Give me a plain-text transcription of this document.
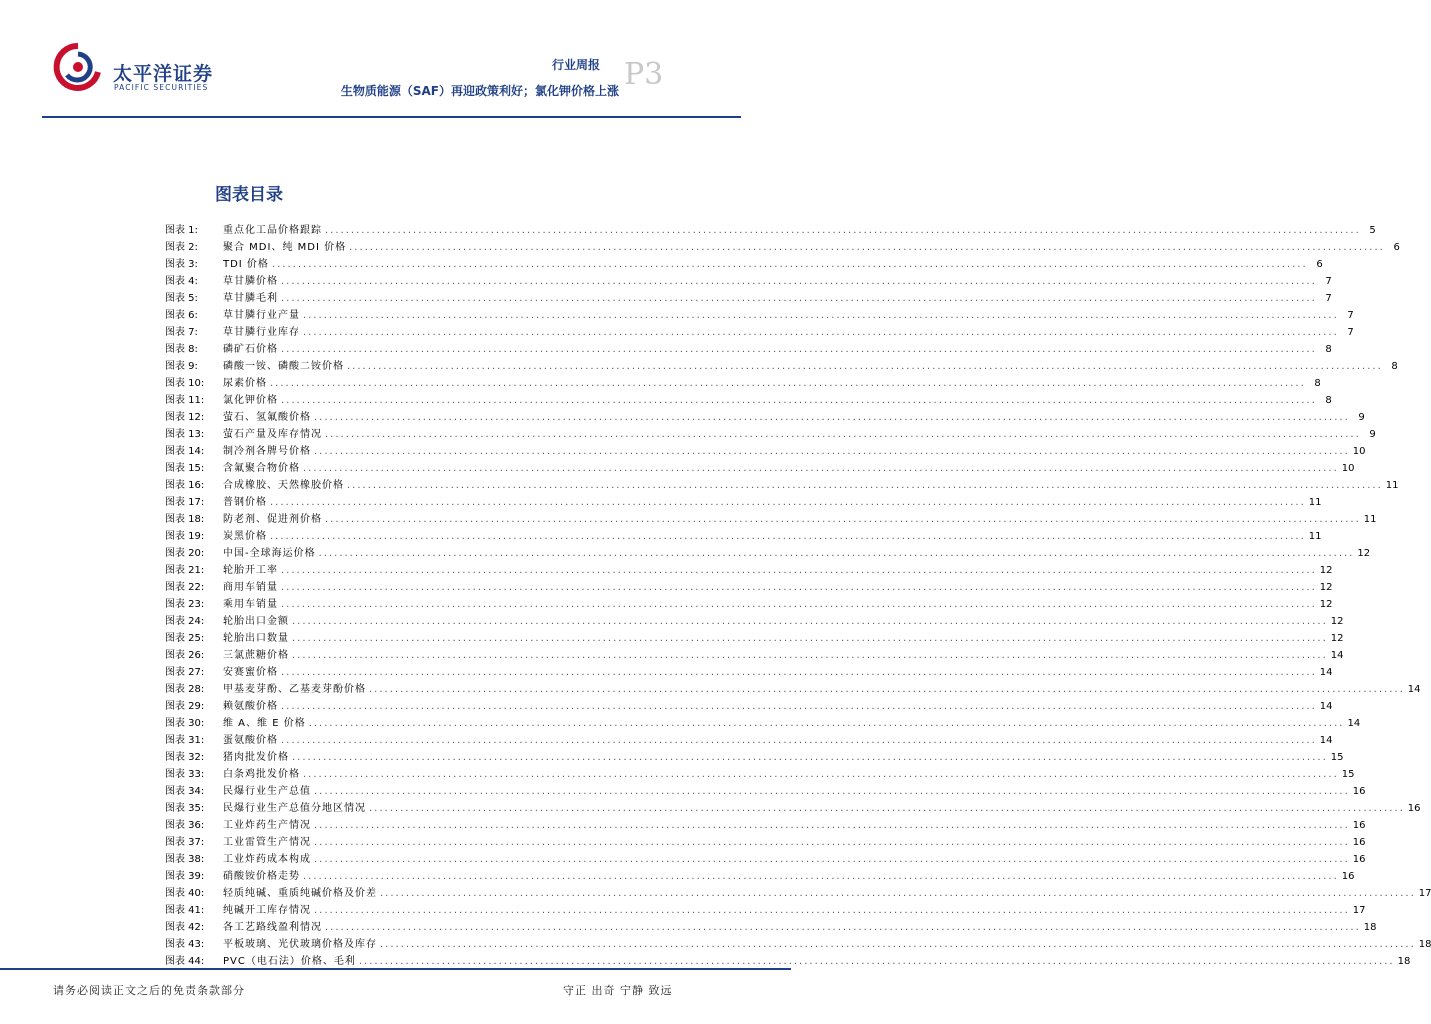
太平洋证券
PACIFIC SECURITIES
行业周报 P3
生物质能源（SAF）再迎政策利好；氯化钾价格上涨
图表目录
图表 1:	重点化工品价格跟踪 ........................................................................................................................................................................................................ 5
图表 2:	聚合 MDI、纯 MDI 价格 ........................................................................................................................................................................................................ 6
图表 3:	TDI 价格 ........................................................................................................................................................................................................ 6
图表 4:	草甘膦价格 ........................................................................................................................................................................................................ 7
图表 5:	草甘膦毛利 ........................................................................................................................................................................................................ 7
图表 6:	草甘膦行业产量 ........................................................................................................................................................................................................ 7
图表 7:	草甘膦行业库存 ........................................................................................................................................................................................................ 7
图表 8:	磷矿石价格 ........................................................................................................................................................................................................ 8
图表 9:	磷酸一铵、磷酸二铵价格 ........................................................................................................................................................................................................ 8
图表 10:	尿素价格 ........................................................................................................................................................................................................ 8
图表 11:	氯化钾价格 ........................................................................................................................................................................................................ 8
图表 12:	萤石、氢氟酸价格 ........................................................................................................................................................................................................ 9
图表 13:	萤石产量及库存情况 ........................................................................................................................................................................................................ 9
图表 14:	制冷剂各牌号价格 ........................................................................................................................................................................................................ 10
图表 15:	含氟聚合物价格 ........................................................................................................................................................................................................ 10
图表 16:	合成橡胶、天然橡胶价格 ........................................................................................................................................................................................................ 11
图表 17:	普钢价格 ........................................................................................................................................................................................................ 11
图表 18:	防老剂、促进剂价格 ........................................................................................................................................................................................................ 11
图表 19:	炭黑价格 ........................................................................................................................................................................................................ 11
图表 20:	中国-全球海运价格 ........................................................................................................................................................................................................ 12
图表 21:	轮胎开工率 ........................................................................................................................................................................................................ 12
图表 22:	商用车销量 ........................................................................................................................................................................................................ 12
图表 23:	乘用车销量 ........................................................................................................................................................................................................ 12
图表 24:	轮胎出口金额 ........................................................................................................................................................................................................ 12
图表 25:	轮胎出口数量 ........................................................................................................................................................................................................ 12
图表 26:	三氯蔗糖价格 ........................................................................................................................................................................................................ 14
图表 27:	安赛蜜价格 ........................................................................................................................................................................................................ 14
图表 28:	甲基麦芽酚、乙基麦芽酚价格 ........................................................................................................................................................................................................ 14
图表 29:	赖氨酸价格 ........................................................................................................................................................................................................ 14
图表 30:	维 A、维 E 价格 ........................................................................................................................................................................................................ 14
图表 31:	蛋氨酸价格 ........................................................................................................................................................................................................ 14
图表 32:	猪肉批发价格 ........................................................................................................................................................................................................ 15
图表 33:	白条鸡批发价格 ........................................................................................................................................................................................................ 15
图表 34:	民爆行业生产总值 ........................................................................................................................................................................................................ 16
图表 35:	民爆行业生产总值分地区情况 ........................................................................................................................................................................................................ 16
图表 36:	工业炸药生产情况 ........................................................................................................................................................................................................ 16
图表 37:	工业雷管生产情况 ........................................................................................................................................................................................................ 16
图表 38:	工业炸药成本构成 ........................................................................................................................................................................................................ 16
图表 39:	硝酸铵价格走势 ........................................................................................................................................................................................................ 16
图表 40:	轻质纯碱、重质纯碱价格及价差 ........................................................................................................................................................................................................ 17
图表 41:	纯碱开工库存情况 ........................................................................................................................................................................................................ 17
图表 42:	各工艺路线盈利情况 ........................................................................................................................................................................................................ 18
图表 43:	平板玻璃、光伏玻璃价格及库存 ........................................................................................................................................................................................................ 18
图表 44:	PVC（电石法）价格、毛利 ........................................................................................................................................................................................................ 18
请务必阅读正文之后的免责条款部分	守正 出奇 宁静 致远
